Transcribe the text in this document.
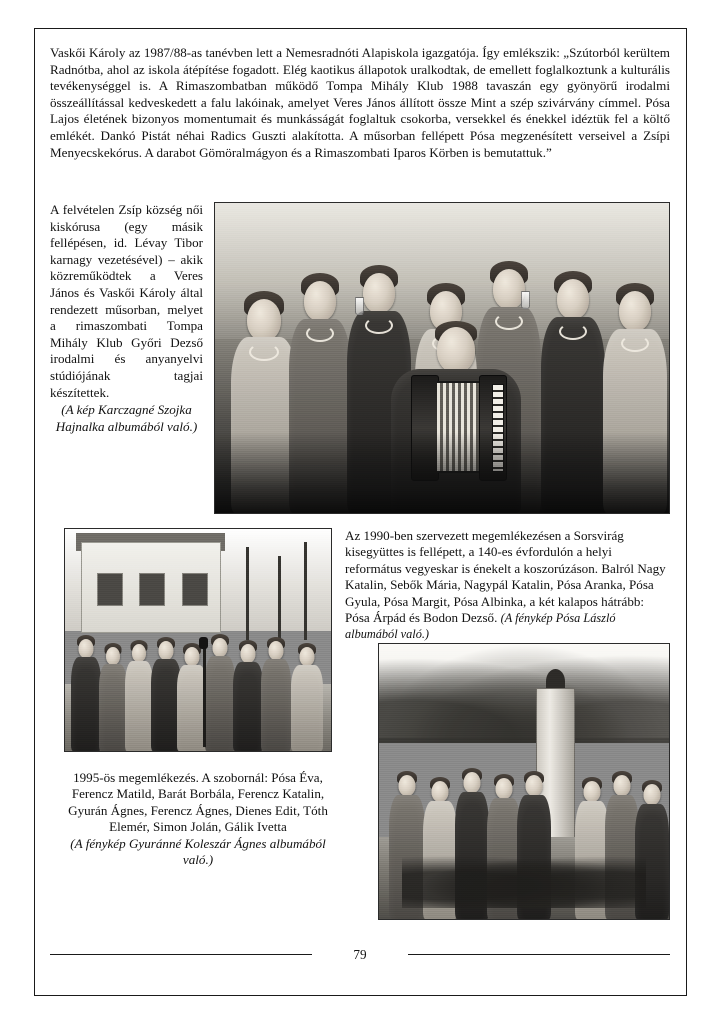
Vaskői Károly az 1987/88-as tanévben lett a Nemesradnóti Alapiskola igazgatója. Így emlékszik: „Szútorból kerültem Radnótba, ahol az iskola átépítése fogadott. Elég kaotikus állapotok uralkodtak, de emellett foglalkoztunk a kulturális tevékenységgel is. A Rimaszombatban működő Tompa Mihály Klub 1988 tavaszán egy gyönyörű irodalmi összeállítással kedveskedett a falu lakóinak, amelyet Veres János állított össze Mint a szép szivárvány címmel. Pósa Lajos életének bizonyos momentumait és munkásságát foglaltuk csokorba, versekkel és énekkel idéztük fel a költő emlékét. Dankó Pistát néhai Radics Guszti alakította. A műsorban fellépett Pósa megzenésített verseivel a Zsípi Menyecskekórus. A darabot Gömöralmágyon és a Rimaszombati Iparos Körben is bemutattuk.”
A felvételen Zsíp község női kiskórusa (egy másik fellépésen, id. Lévay Tibor karnagy vezetésével) – akik közreműködtek a Veres János és Vaskői Károly által rendezett műsorban, melyet a rimaszombati Tompa Mihály Klub Győri Dezső irodalmi és anyanyelvi stúdiójának tagjai készítettek.
(A kép Karczagné Szojka Hajnalka albumából való.)
Az 1990-ben szervezett megemlékezésen a Sorsvirág kisegyüttes is fellépett, a 140-es évfordulón a helyi református vegyeskar is énekelt a koszorúzáson. Balról Nagy Katalin, Sebők Mária, Nagypál Katalin, Pósa Aranka, Pósa Gyula, Pósa Margit, Pósa Albinka, a két kalapos hátrább: Pósa Árpád és Bodon Dezső. (A fénykép Pósa László albumából való.)
1995-ös megemlékezés. A szobornál: Pósa Éva, Ferencz Matild, Barát Borbála, Ferencz Katalin, Gyurán Ágnes, Ferencz Ágnes, Dienes Edit, Tóth Elemér, Simon Jolán, Gálik Ivetta
(A fénykép Gyuránné Koleszár Ágnes albumából való.)
79
